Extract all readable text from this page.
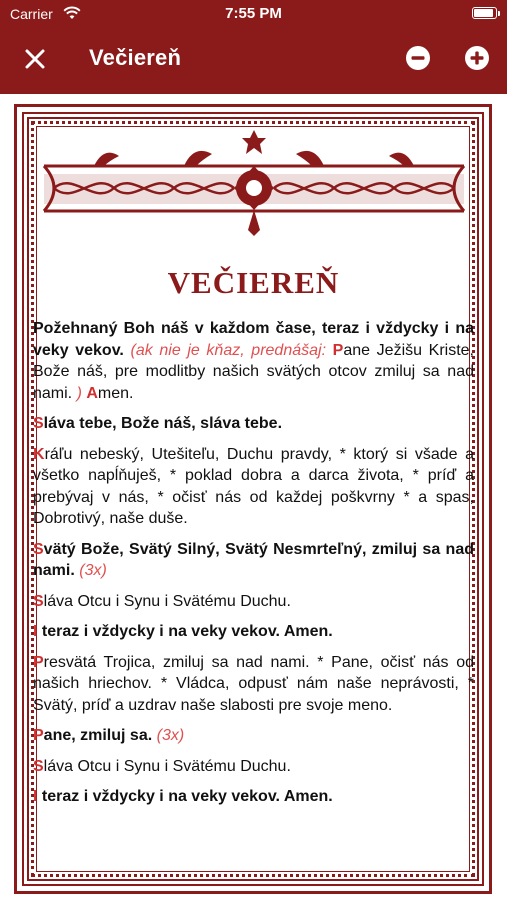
Carrier	7:55 PM
Večiereň
VEČIEREŇ

Požehnaný Boh náš v každom čase, teraz i vždycky i na veky vekov. (ak nie je kňaz, prednášaj: Pane Ježišu Kriste, Bože náš, pre modlitby našich svätých otcov zmiluj sa nad nami. ) Amen.

Sláva tebe, Bože náš, sláva tebe.

Kráľu nebeský, Utešiteľu, Duchu pravdy, * ktorý si všade a všetko napĺňuješ, * poklad dobra a darca života, * príď a prebývaj v nás, * očisť nás od každej poškvrny * a spas, Dobrotivý, naše duše.

Svätý Bože, Svätý Silný, Svätý Nesmrteľný, zmiluj sa nad nami. (3x)

Sláva Otcu i Synu i Svätému Duchu.

I teraz i vždycky i na veky vekov. Amen.

Presvätá Trojica, zmiluj sa nad nami. * Pane, očisť nás od našich hriechov. * Vládca, odpusť nám naše neprávosti, * Svätý, príď a uzdrav naše slabosti pre svoje meno.

Pane, zmiluj sa. (3x)

Sláva Otcu i Synu i Svätému Duchu.

I teraz i vždycky i na veky vekov. Amen.
